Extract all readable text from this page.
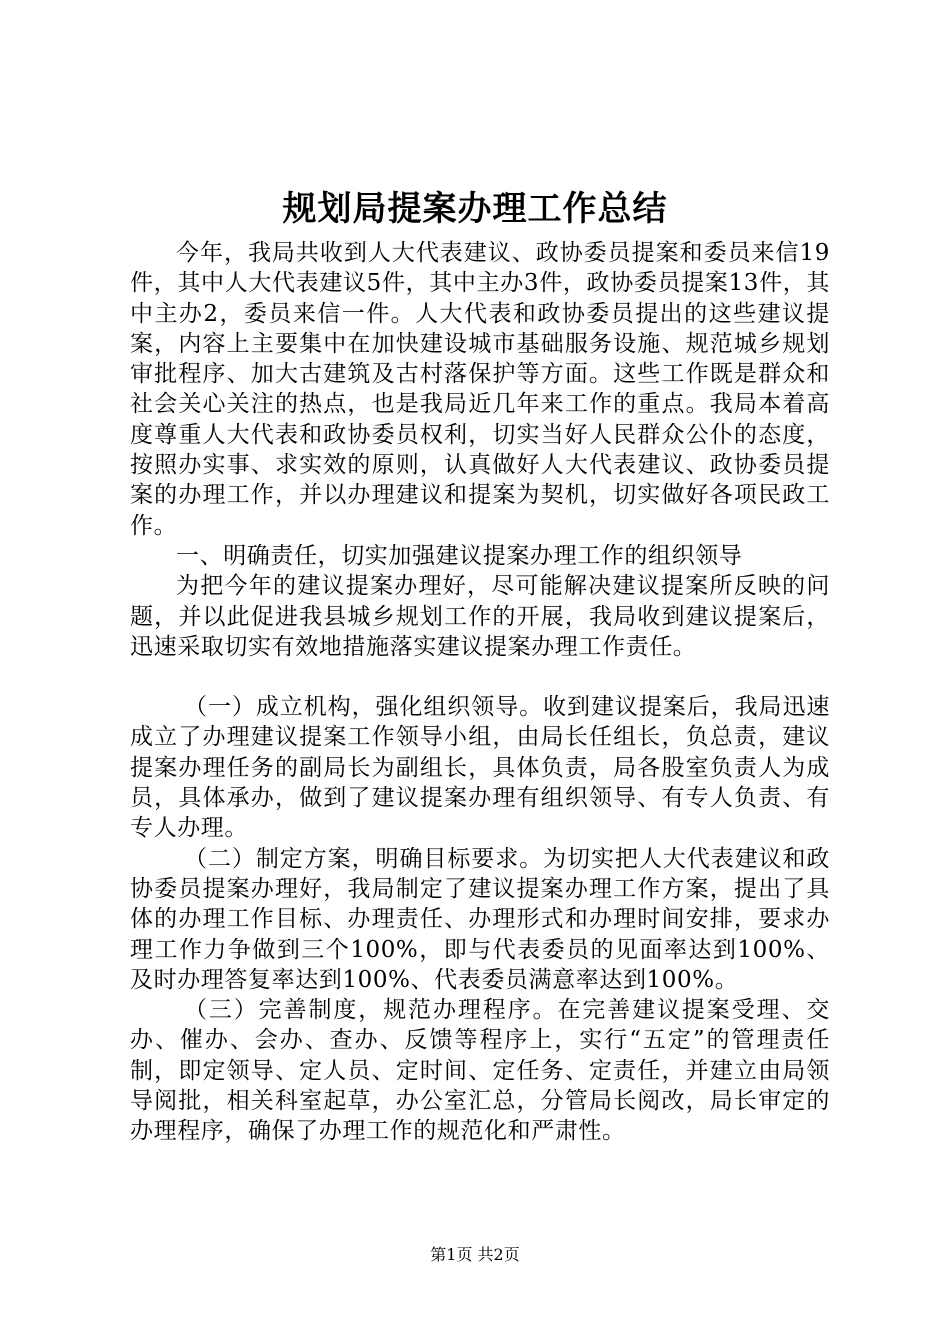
规划局提案办理工作总结

今年，我局共收到人大代表建议、政协委员提案和委员来信19件，其中人大代表建议5件，其中主办3件，政协委员提案13件，其中主办2，委员来信一件。人大代表和政协委员提出的这些建议提案，内容上主要集中在加快建设城市基础服务设施、规范城乡规划审批程序、加大古建筑及古村落保护等方面。这些工作既是群众和社会关心关注的热点，也是我局近几年来工作的重点。我局本着高度尊重人大代表和政协委员权利，切实当好人民群众公仆的态度，按照办实事、求实效的原则，认真做好人大代表建议、政协委员提案的办理工作，并以办理建议和提案为契机，切实做好各项民政工作。

一、明确责任，切实加强建议提案办理工作的组织领导

为把今年的建议提案办理好，尽可能解决建议提案所反映的问题，并以此促进我县城乡规划工作的开展，我局收到建议提案后，迅速采取切实有效地措施落实建议提案办理工作责任。

（一）成立机构，强化组织领导。收到建议提案后，我局迅速成立了办理建议提案工作领导小组，由局长任组长，负总责，建议提案办理任务的副局长为副组长，具体负责，局各股室负责人为成员，具体承办，做到了建议提案办理有组织领导、有专人负责、有专人办理。

（二）制定方案，明确目标要求。为切实把人大代表建议和政协委员提案办理好，我局制定了建议提案办理工作方案，提出了具体的办理工作目标、办理责任、办理形式和办理时间安排，要求办理工作力争做到三个100%，即与代表委员的见面率达到100%、及时办理答复率达到100%、代表委员满意率达到100%。

（三）完善制度，规范办理程序。在完善建议提案受理、交办、催办、会办、查办、反馈等程序上，实行“五定”的管理责任制，即定领导、定人员、定时间、定任务、定责任，并建立由局领导阅批，相关科室起草，办公室汇总，分管局长阅改，局长审定的办理程序，确保了办理工作的规范化和严肃性。

第1页 共2页
